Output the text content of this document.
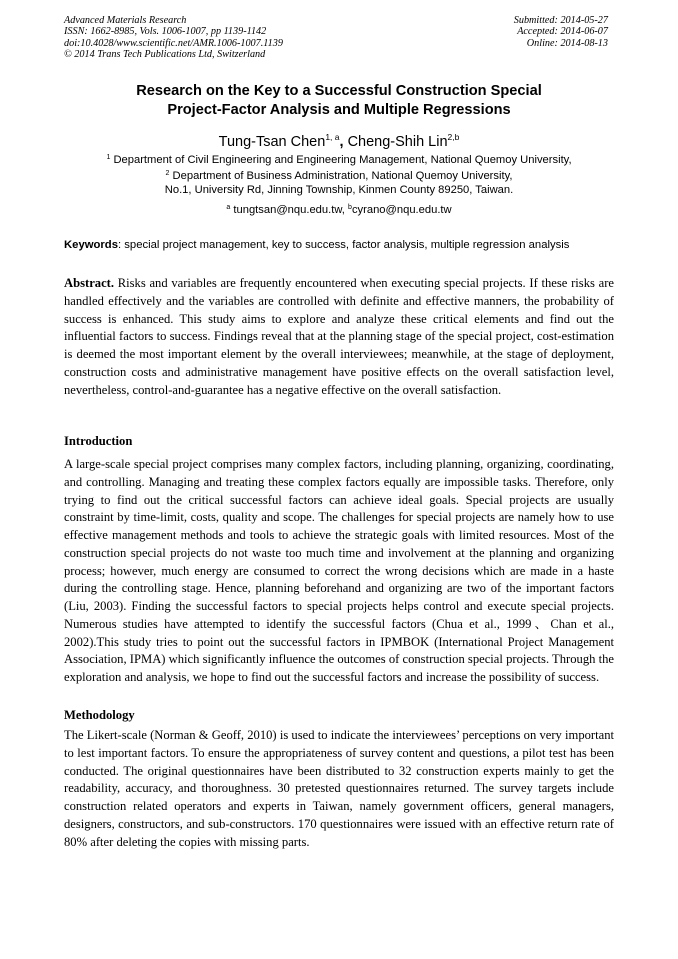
Advanced Materials Research
ISSN: 1662-8985, Vols. 1006-1007, pp 1139-1142
doi:10.4028/www.scientific.net/AMR.1006-1007.1139
© 2014 Trans Tech Publications Ltd, Switzerland
Submitted: 2014-05-27
Accepted: 2014-06-07
Online: 2014-08-13
Research on the Key to a Successful Construction Special
Project-Factor Analysis and Multiple Regressions
Tung-Tsan Chen$^{1, a}$, Cheng-Shih Lin$^{2,b}$
$^1$ Department of Civil Engineering and Engineering Management, National Quemoy University,
$^2$ Department of Business Administration, National Quemoy University,
No.1, University Rd, Jinning Township, Kinmen County 89250, Taiwan.
$^a$ tungtsan@nqu.edu.tw, $^b$cyrano@nqu.edu.tw
Keywords: special project management, key to success, factor analysis, multiple regression analysis

Abstract. Risks and variables are frequently encountered when executing special projects. If these risks are handled effectively and the variables are controlled with definite and effective manners, the probability of success is enhanced. This study aims to explore and analyze these critical elements and find out the influential factors to success. Findings reveal that at the planning stage of the special project, cost-estimation is deemed the most important element by the overall interviewees; meanwhile, at the stage of deployment, construction costs and administrative management have positive effects on the overall satisfaction level, nevertheless, control-and-guarantee has a negative effective on the overall satisfaction.

Introduction

A large-scale special project comprises many complex factors, including planning, organizing, coordinating, and controlling. Managing and treating these complex factors equally are impossible tasks. Therefore, only trying to find out the critical successful factors can achieve ideal goals. Special projects are usually constraint by time-limit, costs, quality and scope. The challenges for special projects are namely how to use effective management methods and tools to achieve the strategic goals with limited resources. Most of the construction special projects do not waste too much time and involvement at the planning and organizing process; however, much energy are consumed to correct the wrong decisions which are made in a haste during the controlling stage. Hence, planning beforehand and organizing are two of the important factors (Liu, 2003). Finding the successful factors to special projects helps control and execute special projects. Numerous studies have attempted to identify the successful factors (Chua et al., 1999、Chan et al., 2002).This study tries to point out the successful factors in IPMBOK (International Project Management Association, IPMA) which significantly influence the outcomes of construction special projects. Through the exploration and analysis, we hope to find out the successful factors and increase the possibility of success.

Methodology

The Likert-scale (Norman & Geoff, 2010) is used to indicate the interviewees’ perceptions on very important to lest important factors. To ensure the appropriateness of survey content and questions, a pilot test has been conducted. The original questionnaires have been distributed to 32 construction experts mainly to get the readability, accuracy, and thoroughness. 30 pretested questionnaires returned. The survey targets include construction related operators and experts in Taiwan, namely government officers, general managers, designers, constructors, and sub-constructors. 170 questionnaires were issued with an effective return rate of 80% after deleting the copies with missing parts.
